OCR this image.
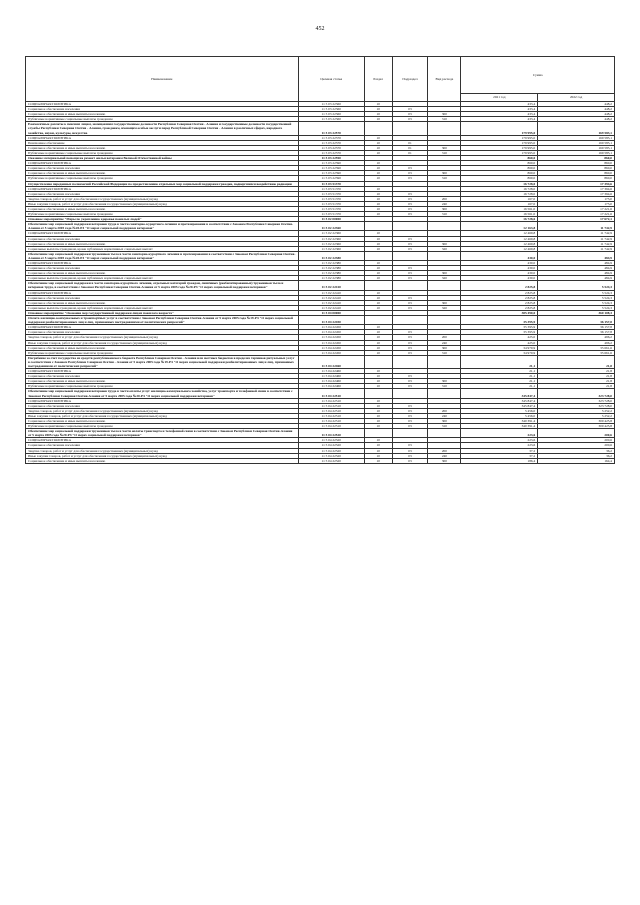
452
Наименование	Целевая статья	Раздел	Подраздел	Вид расхода	Сумма	
					2021 год	2022 год
СОЦИАЛЬНАЯ ПОЛИТИКА	11 5 03 22560	10			433,4	448,2
Социальное обеспечение населения	11 5 03 22560	10	03		433,4	448,2
Социальное обеспечение и иные выплаты населению	11 5 03 22560	10	03	300	433,4	448,2
Публичные нормативные социальные выплаты гражданам	11 5 03 22560	10	03	310	433,4	448,2
Ежемесячные доплаты к пенсиям лицам, замещавшим государственные должности Республики Северная Осетия - Алания и государственные должности государственной службы Республики Северная Осетия - Алания, гражданам, имеющим особые заслуги перед Республикой Северная Осетия - Алания в различных сферах, народного хозяйства, науки, культуры, искусства	11 5 03 22570				179 995,0	169 583,1
СОЦИАЛЬНАЯ ПОЛИТИКА	11 5 03 22570	10			179 995,0	169 583,1
Пенсионное обеспечение	11 5 03 22570	10	01		179 995,0	169 583,1
Социальное обеспечение и иные выплаты населению	11 5 03 22570	10	01	300	179 995,0	169 583,1
Публичные нормативные социальные выплаты гражданам	11 5 03 22570	10	01	310	179 995,0	169 583,1
Оказание материальной помощи на ремонт жилья ветеранам Великой Отечественной войны	11 5 03 22590				860,0	860,0
СОЦИАЛЬНАЯ ПОЛИТИКА	11 5 03 22590	10			860,0	860,0
Социальное обеспечение населения	11 5 03 22590	10	03		860,0	860,0
Социальное обеспечение и иные выплаты населению	11 5 03 22590	10	03	300	860,0	860,0
Публичные нормативные социальные выплаты гражданам	11 5 03 22590	10	03	310	860,0	860,0
Осуществление переданных полномочий Российской Федерации по предоставлению отдельных мер социальной поддержки граждан, подвергшихся воздействию радиации	11 5 03 51370				16 728,0	17 394,6
СОЦИАЛЬНАЯ ПОЛИТИКА	11 5 03 51370	10			16 728,0	17 394,6
Социальное обеспечение населения	11 5 03 51370	10	03		16 728,0	17 394,6
Закупка товаров, работ и услуг для обеспечения государственных (муниципальных) нужд	11 5 03 51370	10	03	200	167,0	173,0
Иные закупки товаров, работ и услуг для обеспечения государственных (муниципальных) нужд	11 5 03 51370	10	03	240	167,0	173,0
Социальное обеспечение и иные выплаты населению	11 5 03 51370	10	03	300	16 561,0	17 221,6
Публичные нормативные социальные выплаты гражданам	11 5 03 51370	10	03	310	16 561,0	17 221,6
Основное мероприятие "Меры по укреплению здоровья пожилых людей"	11 5 02 00000				16 728,6	17 672,1
Обеспечение мер социальной поддержки ветеранов труда в части санаторно-курортного лечения и протезирования в соответствии с Законом Республики Северная Осетия-Алания от 5 марта 2005 года №20-РЗ "О мерах социальной поддержки ветеранов"	11 5 02 22360				12 163,8	11 742,9
СОЦИАЛЬНАЯ ПОЛИТИКА	11 5 02 22360	10			12 469,8	11 742,9
Социальное обеспечение населения	11 5 02 22360	10	03		12 469,8	11 742,9
Социальное обеспечение и иные выплаты населению	11 5 02 22360	10	03	300	12 469,8	11 742,9
Социальные выплаты гражданам, кроме публичных нормативных социальных выплат	11 5 02 22360	10	03	320	12 469,8	11 742,9
Обеспечение мер социальной поддержки тружеников тыла в части санаторно-курортного лечения и протезирования в соответствии с Законом Республики Северная Осетия-Алания от 5 марта 2005 года №20-РЗ "О мерах социальной поддержки ветеранов"	11 5 02 22380				430,0	484,9
СОЦИАЛЬНАЯ ПОЛИТИКА	11 5 02 22380	10			430,0	484,9
Социальное обеспечение населения	11 5 02 22380	10	03		430,0	484,9
Социальное обеспечение и иные выплаты населению	11 5 02 22380	10	03	300	430,0	484,9
Социальные выплаты гражданам, кроме публичных нормативных социальных выплат	11 5 02 22380	10	03	320	430,0	484,9
Обеспечение мер социальной поддержки в части санаторно-курортного лечения, отдельных категорий граждан, лишённых (реабилитированных) тружеников тыла и ветеранов труда, в соответствии с Законом Республики Северная Осетия-Алания от 5 марта 2005 года №20-РЗ "О мерах социальной поддержки ветеранов"	11 5 02 22410				2 825,8	5 524,3
СОЦИАЛЬНАЯ ПОЛИТИКА	11 5 02 22410	10			2 825,8	5 524,3
Социальное обеспечение населения	11 5 02 22410	10	03		2 825,8	5 524,3
Социальное обеспечение и иные выплаты населению	11 5 02 22410	10	03	300	2 825,8	5 524,3
Социальные выплаты гражданам, кроме публичных нормативных социальных выплат	11 5 02 22410	10	03	320	2 825,8	5 524,3
Основное мероприятие "Оказание мер государственной поддержки лицам пожилого возраста"	11 5 04 00000				385 490,0	360 108,3
Оплата жилищно-коммунальных и транспортных услуг в соответствии с Законом Республики Северная Осетия-Алания от 5 марта 2005 года №19-РЗ "О мерах социальной поддержки реабилитированных лиц и лиц, признанных пострадавшими от политических репрессий"	11 5 04 22450				35 395,9	36 157,8
СОЦИАЛЬНАЯ ПОЛИТИКА	11 5 04 22450	10			35 395,9	36 157,8
Социальное обеспечение населения	11 5 04 22450	10	03		35 395,9	36 157,8
Закупка товаров, работ и услуг для обеспечения государственных (муниципальных) нужд	11 5 04 22450	10	03	200	425,0	496,2
Иные закупки товаров, работ и услуг для обеспечения государственных (муниципальных) нужд	11 5 04 22450	10	03	240	425,0	496,2
Социальное обеспечение и иные выплаты населению	11 5 04 22450	10	03	300	34 970,9	35 661,6
Публичные нормативные социальные выплаты гражданам	11 5 04 22450	10	03	310	34 970,9	35 661,6
Погребение за счет государства из средств республиканского бюджета Республики Северная Осетия - Алания или местных бюджетов в пределах терминов ритуальных услуг в соответствии с Законом Республики Северная Осетия - Алания от 5 марта 2005 года №19-РЗ "О мерах социальной поддержки реабилитированных лиц и лиц, признанных пострадавшими от политических репрессий"	11 5 04 22460				21,1	21,8
СОЦИАЛЬНАЯ ПОЛИТИКА	11 5 04 22460	10			21,1	21,8
Социальное обеспечение населения	11 5 04 22460	10	03		21,1	21,8
Социальное обеспечение и иные выплаты населению	11 5 04 22460	10	03	300	21,1	21,8
Публичные нормативные социальные выплаты гражданам	11 5 04 22460	10	03	310	21,1	21,8
Обеспечение мер социальной поддержки ветеранов труда в части оплаты услуг жилищно-коммунального хозяйства, услуг транспорта и телефонной связи в соответствии с Законом Республики Северная Осетия-Алания от 5 марта 2005 года №20-РЗ "О мерах социальной поддержки ветеранов"	11 5 04 22510				345 847,4	323 728,0
СОЦИАЛЬНАЯ ПОЛИТИКА	11 5 04 22510	10			345 847,4	323 728,0
Социальное обеспечение населения	11 5 04 22510	10	03		345 847,4	323 728,0
Закупка товаров, работ и услуг для обеспечения государственных (муниципальных) нужд	11 5 04 22510	10	03	200	5 456,0	5 252,2
Иные закупки товаров, работ и услуг для обеспечения государственных (муниципальных) нужд	11 5 04 22510	10	03	240	5 456,0	5 252,2
Социальное обеспечение и иные выплаты населению	11 5 04 22510	10	03	300	340 391,4	300 425,8
Публичные нормативные социальные выплаты гражданам	11 5 04 22510	10	03	310	340 391,4	300 425,8
Обеспечение мер социальной поддержки тружеников тыла в части оплаты транспорта и телефонной связи в соответствии с Законом Республики Северная Осетия-Алания от 5 марта 2005 года №20-РЗ "О мерах социальной поддержки ветеранов"	11 5 04 22520				223,6	200,6
СОЦИАЛЬНАЯ ПОЛИТИКА	11 5 04 22520	10			223,6	200,6
Социальное обеспечение населения	11 5 04 22520	10	03		223,6	200,6
Закупка товаров, работ и услуг для обеспечения государственных (муниципальных) нужд	11 5 04 22520	10	03	200	37,2	36,2
Иные закупки товаров, работ и услуг для обеспечения государственных (муниципальных) нужд	11 5 04 22520	10	03	240	37,2	36,2
Социальное обеспечение и иные выплаты населению	11 5 04 22520	10	03	300	186,4	164,4
